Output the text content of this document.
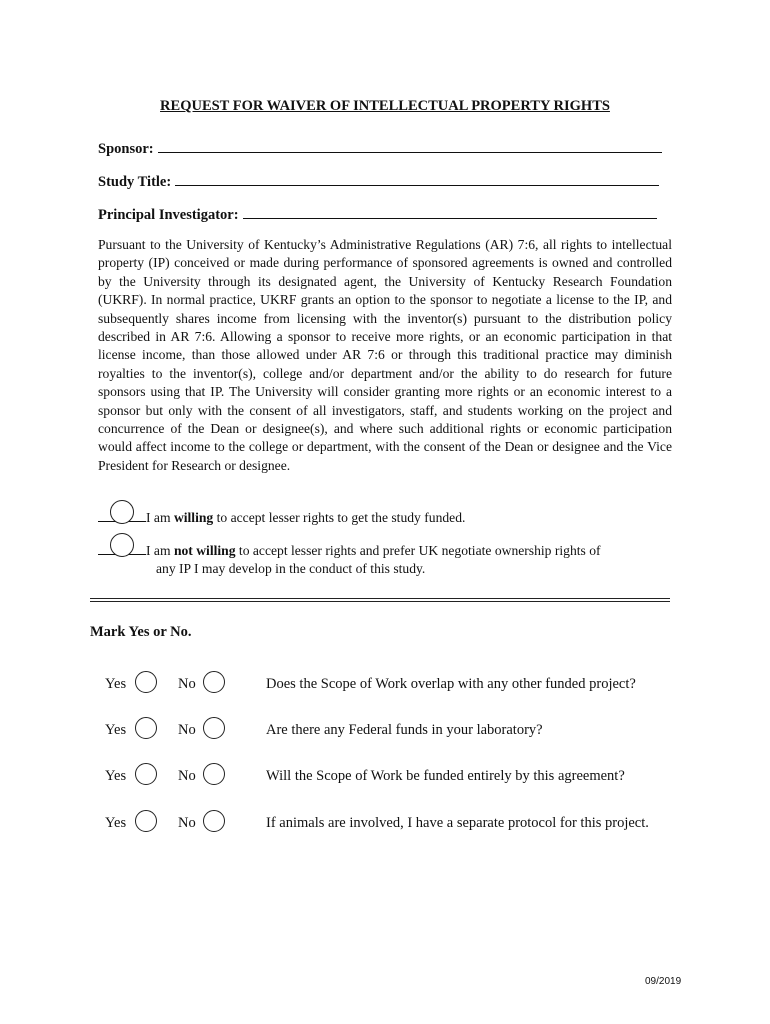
REQUEST FOR WAIVER OF INTELLECTUAL PROPERTY RIGHTS
Sponsor:
Study Title:
Principal Investigator:
Pursuant to the University of Kentucky’s Administrative Regulations (AR) 7:6, all rights to intellectual property (IP) conceived or made during performance of sponsored agreements is owned and controlled by the University through its designated agent, the University of Kentucky Research Foundation (UKRF). In normal practice, UKRF grants an option to the sponsor to negotiate a license to the IP, and subsequently shares income from licensing with the inventor(s) pursuant to the distribution policy described in AR 7:6. Allowing a sponsor to receive more rights, or an economic participation in that license income, than those allowed under AR 7:6 or through this traditional practice may diminish royalties to the inventor(s), college and/or department and/or the ability to do research for future sponsors using that IP. The University will consider granting more rights or an economic interest to a sponsor but only with the consent of all investigators, staff, and students working on the project and concurrence of the Dean or designee(s), and where such additional rights or economic participation would affect income to the college or department, with the consent of the Dean or designee and the Vice President for Research or designee.
I am willing to accept lesser rights to get the study funded.
I am not willing to accept lesser rights and prefer UK negotiate ownership rights of
any IP I may develop in the conduct of this study.
Mark Yes or No.
Yes	No	Does the Scope of Work overlap with any other funded project?
Yes	No	Are there any Federal funds in your laboratory?
Yes	No	Will the Scope of Work be funded entirely by this agreement?
Yes	No	If animals are involved, I have a separate protocol for this project.
09/2019
